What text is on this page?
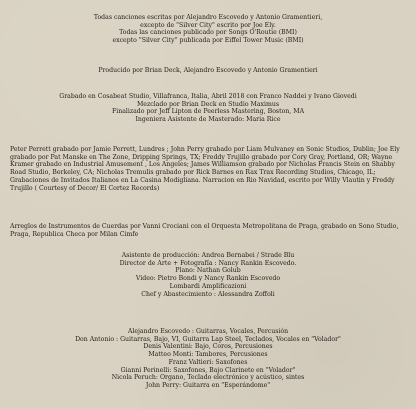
Todas canciones escritas por Alejandro Escovedo y Antonio Gramentieri,
excepto de "Silver City" escrito por Joe Ely.
Todas las canciones publicado por Songs O'Routie (BMI)
excepto "Silver City" publicada por Eiffel Tower Music (BMI)
Producido por Brian Deck, Alejandro Escovedo y Antonio Gramentieri
Grabado en Cosabeat Studio, Villafranca, Italia, Abril 2018 con Franco Naddei y Ivano Giovedi
Mezclado por Brian Deck en Studio Maximus
Finalizado por Jeff Lipton de Peerless Mastering, Boston, MA
Ingeniera Asistente de Masterado: Maria Rice
Peter Perrett grabado por Jamie Perrett, Lundres ; John Perry grabado por Liam Mulvaney en Sonic Studios, Dublin; Joe Ely grabado por Pat Manske en The Zone, Dripping Springs, TX; Freddy Trujillo grabado por Cory Gray, Portland, OR; Wayne Kramer grabado en Industrial Amusement , Los Angeles; James Williamson grabado por Nicholas Francis Stein en Shabby Road Studio, Berkeley, CA; Nicholas Tremulis grabado por Rick Barnes en Rax Trax Recording Studios, Chicago, IL; Grabaciones de Invitados Italianos en La Casina Modigliana. Narracion en Rio Navidad, escrito por Willy Vlautin y Freddy Trujillo ( Courtesy of Decor/ El Cortez Records)
Arreglos de Instrumentos de Cuerdas por Vanni Crociani con el Orquesta Metropolitana de Praga, grabado en Sono Studio, Praga, Republica Checa por Milan Cimfe
Asistente de producción: Andrea Bernabei / Strade Blu
Director de Arte + Fotografía : Nancy Rankin Escovedo.
Plano: Nathan Golub
Video: Pietro Bondi y Nancy Rankin Escovedo
Lombardi Amplificazioni
Chef y Abastecimiento : Alessandra Zoffoli
Alejandro Escovedo : Guitarras, Vocales, Percusión
Don Antonio : Guitarras, Bajo, VI, Guitarra Lap Steel, Teclados, Vocales en "Volador"
Denis Valentini: Bajo, Coros, Percusiones
Matteo Monti: Tambores, Percusiones
Franz Valtieri: Saxofones
Gianni Perinelli: Saxofones, Bajo Clarinete en "Volador"
Nicola Peruch: Organo, Teclado electrónico y acústico, sintes
John Perry: Guitarra en "Esperándome"
